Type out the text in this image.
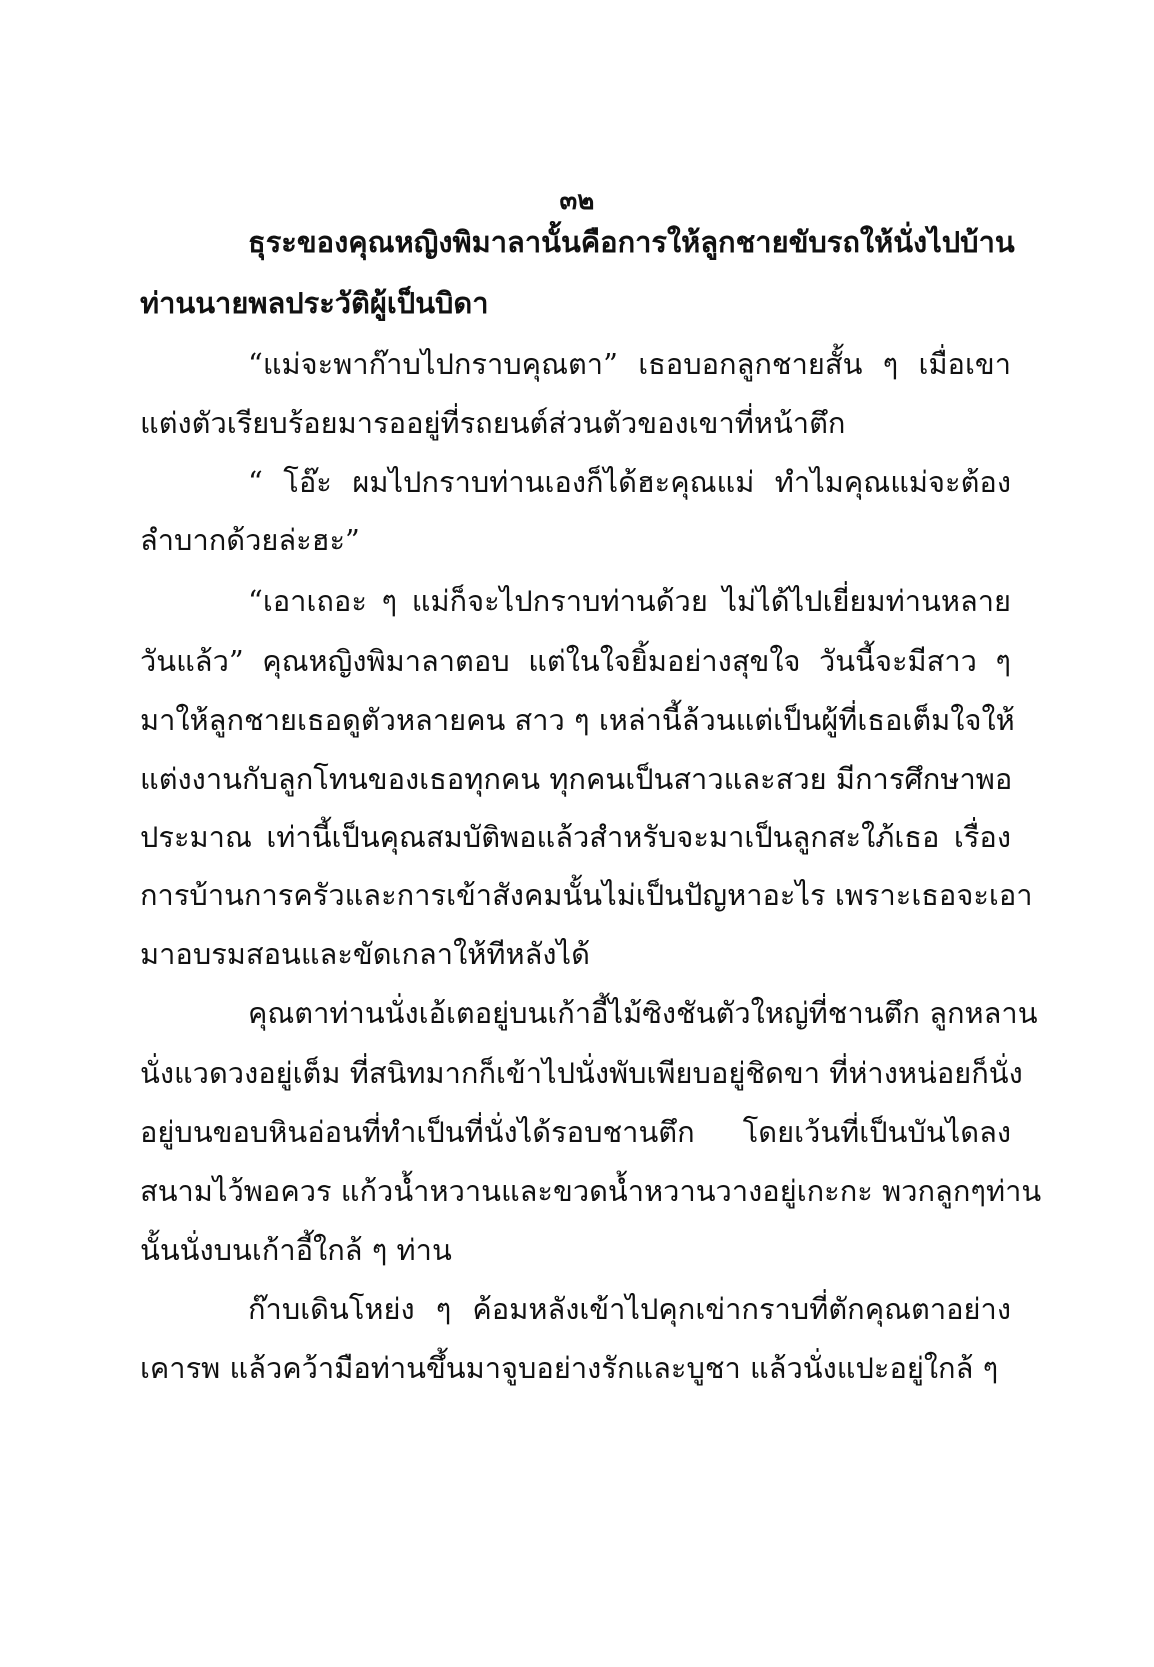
๓๒
ธุระของคุณหญิงพิมาลานั้นคือการให้ลูกชายขับรถให้นั่งไปบ้าน
ท่านนายพลประวัติผู้เป็นบิดา
“แม่จะพาก๊าบไปกราบคุณตา” เธอบอกลูกชายสั้น ๆ เมื่อเขา
แต่งตัวเรียบร้อยมารออยู่ที่รถยนต์ส่วนตัวของเขาที่หน้าตึก
“ โอ๊ะ ผมไปกราบท่านเองก็ได้ฮะคุณแม่ ทำไมคุณแม่จะต้อง
ลำบากด้วยล่ะฮะ”
“เอาเถอะ ๆ แม่ก็จะไปกราบท่านด้วย ไม่ได้ไปเยี่ยมท่านหลาย
วันแล้ว” คุณหญิงพิมาลาตอบ แต่ในใจยิ้มอย่างสุขใจ วันนี้จะมีสาว ๆ
มาให้ลูกชายเธอดูตัวหลายคน สาว ๆ เหล่านี้ล้วนแต่เป็นผู้ที่เธอเต็มใจให้
แต่งงานกับลูกโทนของเธอทุกคน ทุกคนเป็นสาวและสวย มีการศึกษาพอ
ประมาณ เท่านี้เป็นคุณสมบัติพอแล้วสำหรับจะมาเป็นลูกสะใภ้เธอ เรื่อง
การบ้านการครัวและการเข้าสังคมนั้นไม่เป็นปัญหาอะไร เพราะเธอจะเอา
มาอบรมสอนและขัดเกลาให้ทีหลังได้
คุณตาท่านนั่งเอ้เตอยู่บนเก้าอี้ไม้ซิงชันตัวใหญ่ที่ชานตึก ลูกหลาน
นั่งแวดวงอยู่เต็ม ที่สนิทมากก็เข้าไปนั่งพับเพียบอยู่ชิดขา ที่ห่างหน่อยก็นั่ง
อยู่บนขอบหินอ่อนที่ทำเป็นที่นั่งได้รอบชานตึก โดยเว้นที่เป็นบันไดลง
สนามไว้พอควร แก้วน้ำหวานและขวดน้ำหวานวางอยู่เกะกะ พวกลูกๆท่าน
นั้นนั่งบนเก้าอี้ใกล้ ๆ ท่าน
ก๊าบเดินโหย่ง ๆ ค้อมหลังเข้าไปคุกเข่ากราบที่ตักคุณตาอย่าง
เคารพ แล้วคว้ามือท่านขึ้นมาจูบอย่างรักและบูชา แล้วนั่งแปะอยู่ใกล้ ๆ
